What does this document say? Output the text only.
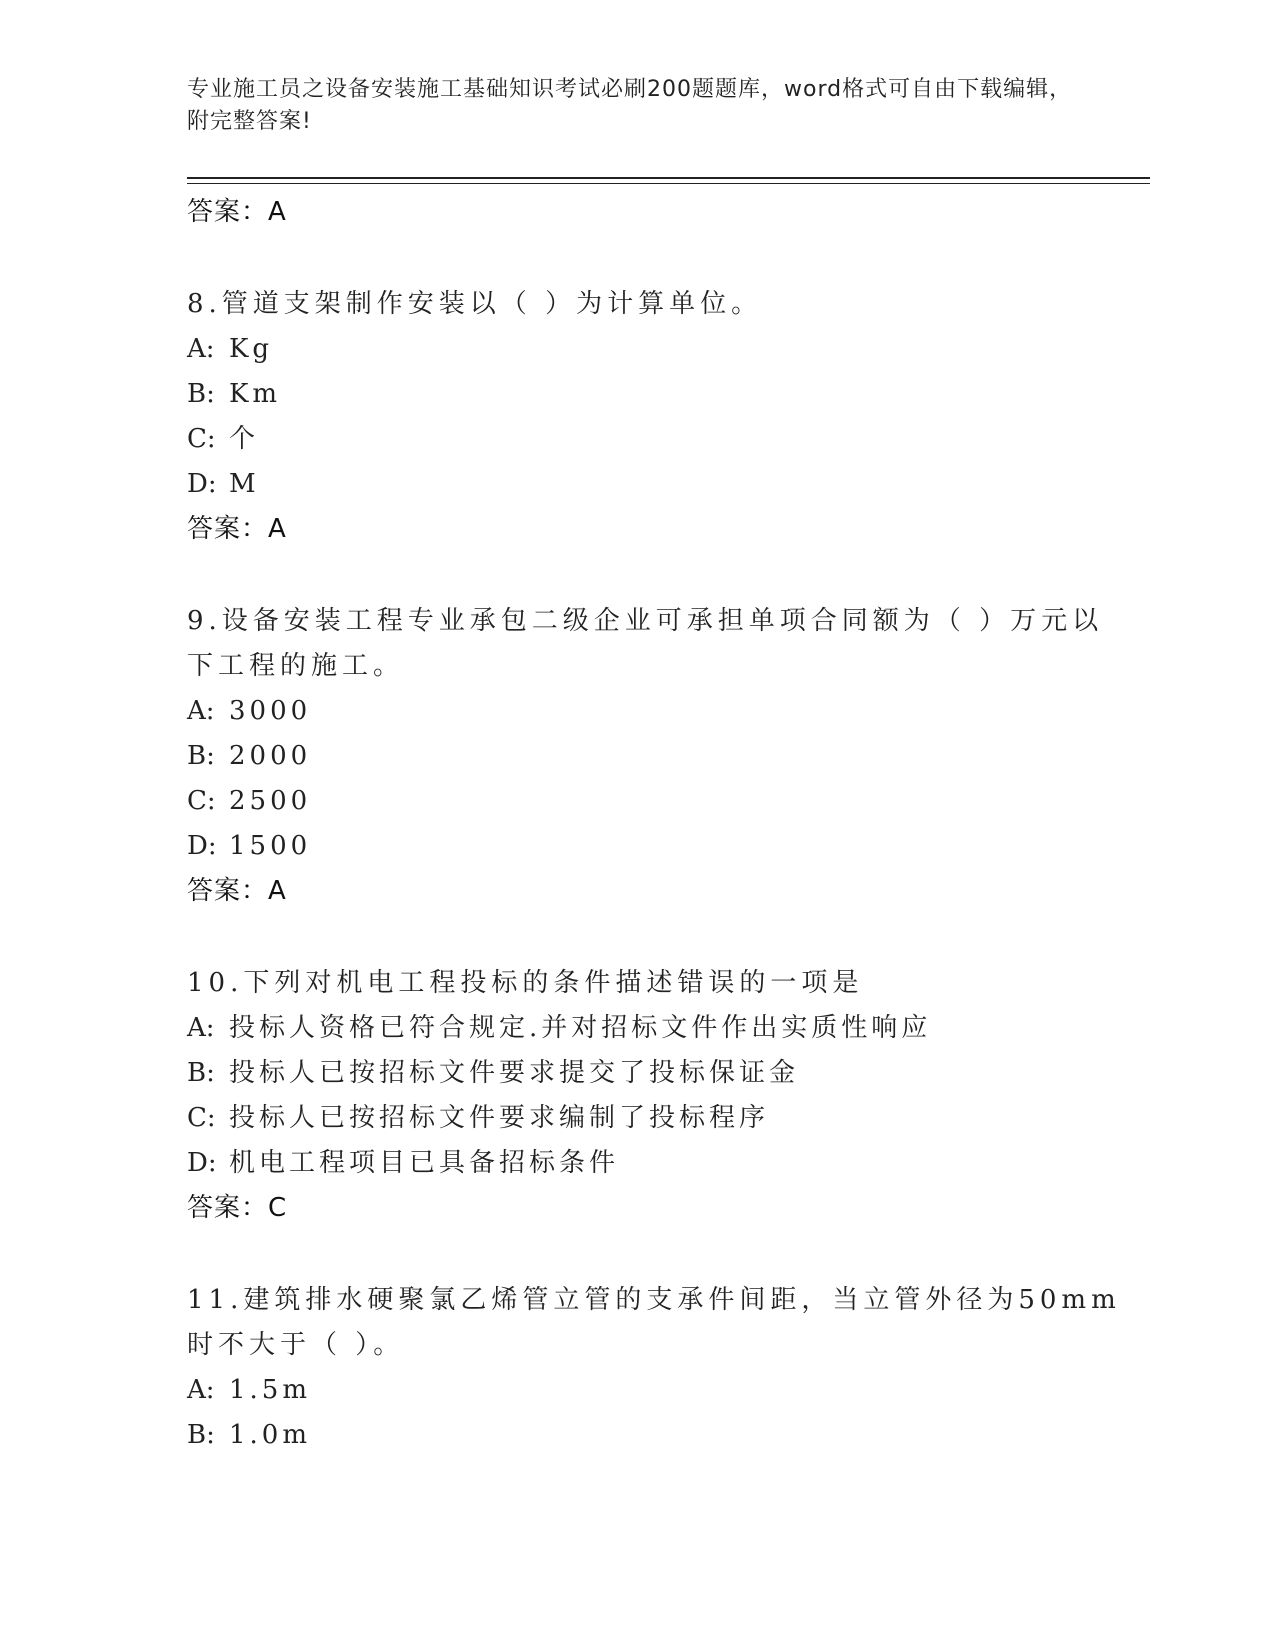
专业施工员之设备安装施工基础知识考试必刷200题题库，word格式可自由下载编辑，附完整答案!
答案：A
8.管道支架制作安装以（ ）为计算单位。
A: Kg
B: Km
C: 个
D: M
答案：A
9.设备安装工程专业承包二级企业可承担单项合同额为（ ）万元以下工程的施工。
A: 3000
B: 2000
C: 2500
D: 1500
答案：A
10.下列对机电工程投标的条件描述错误的一项是
A: 投标人资格已符合规定.并对招标文件作出实质性响应
B: 投标人已按招标文件要求提交了投标保证金
C: 投标人已按招标文件要求编制了投标程序
D: 机电工程项目已具备招标条件
答案：C
11.建筑排水硬聚氯乙烯管立管的支承件间距，当立管外径为50mm时不大于（ ）。
A: 1.5m
B: 1.0m
